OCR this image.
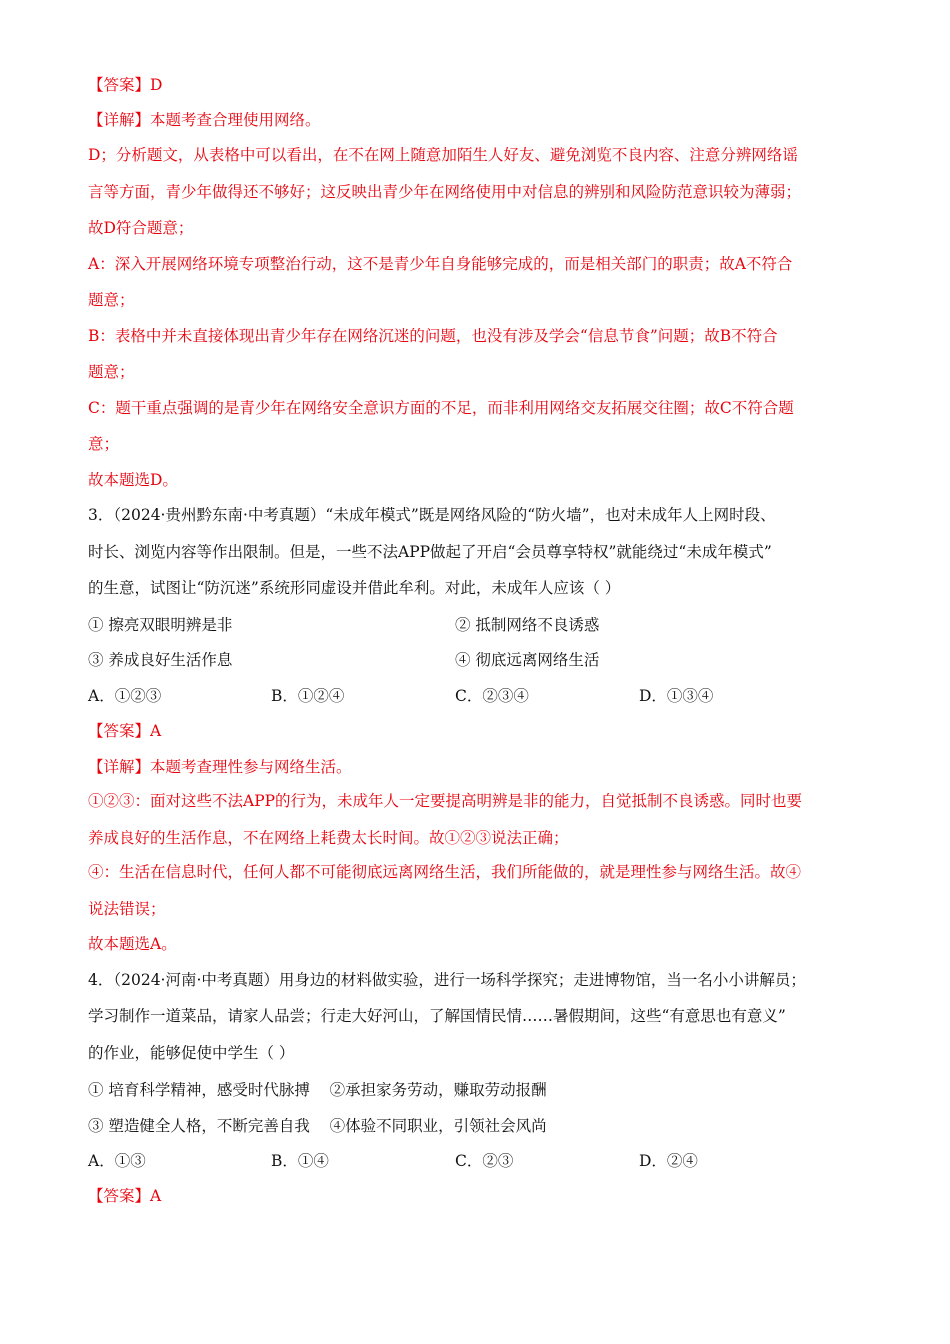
【答案】D
【详解】本题考查合理使用网络。
D；分析题文，从表格中可以看出，在不在网上随意加陌生人好友、避免浏览不良内容、注意分辨网络谣
言等方面，青少年做得还不够好；这反映出青少年在网络使用中对信息的辨别和风险防范意识较为薄弱；
故D符合题意；
A：深入开展网络环境专项整治行动，这不是青少年自身能够完成的，而是相关部门的职责；故A不符合
题意；
B：表格中并未直接体现出青少年存在网络沉迷的问题，也没有涉及学会“信息节食”问题；故B不符合
题意；
C：题干重点强调的是青少年在网络安全意识方面的不足，而非利用网络交友拓展交往圈；故C不符合题
意；
故本题选D。
3．（2024·贵州黔东南·中考真题）“未成年模式”既是网络风险的“防火墙”，也对未成年人上网时段、
时长、浏览内容等作出限制。但是，一些不法APP做起了开启“会员尊享特权”就能绕过“未成年模式”
的生意，试图让“防沉迷”系统形同虚设并借此牟利。对此，未成年人应该（ ）
① 擦亮双眼明辨是非	② 抵制网络不良诱惑
③ 养成良好生活作息	④ 彻底远离网络生活
A．①②③	B．①②④	C．②③④	D．①③④
【答案】A
【详解】本题考查理性参与网络生活。
①②③：面对这些不法APP的行为，未成年人一定要提高明辨是非的能力，自觉抵制不良诱惑。同时也要
养成良好的生活作息，不在网络上耗费太长时间。故①②③说法正确；
④：生活在信息时代，任何人都不可能彻底远离网络生活，我们所能做的，就是理性参与网络生活。故④
说法错误；
故本题选A。
4．（2024·河南·中考真题）用身边的材料做实验，进行一场科学探究；走进博物馆，当一名小小讲解员；
学习制作一道菜品，请家人品尝；行走大好河山，了解国情民情……暑假期间，这些“有意思也有意义”
的作业，能够促使中学生（ ）
① 培育科学精神，感受时代脉搏    ②承担家务劳动，赚取劳动报酬
③ 塑造健全人格，不断完善自我    ④体验不同职业，引领社会风尚
A．①③	B．①④	C．②③	D．②④
【答案】A
